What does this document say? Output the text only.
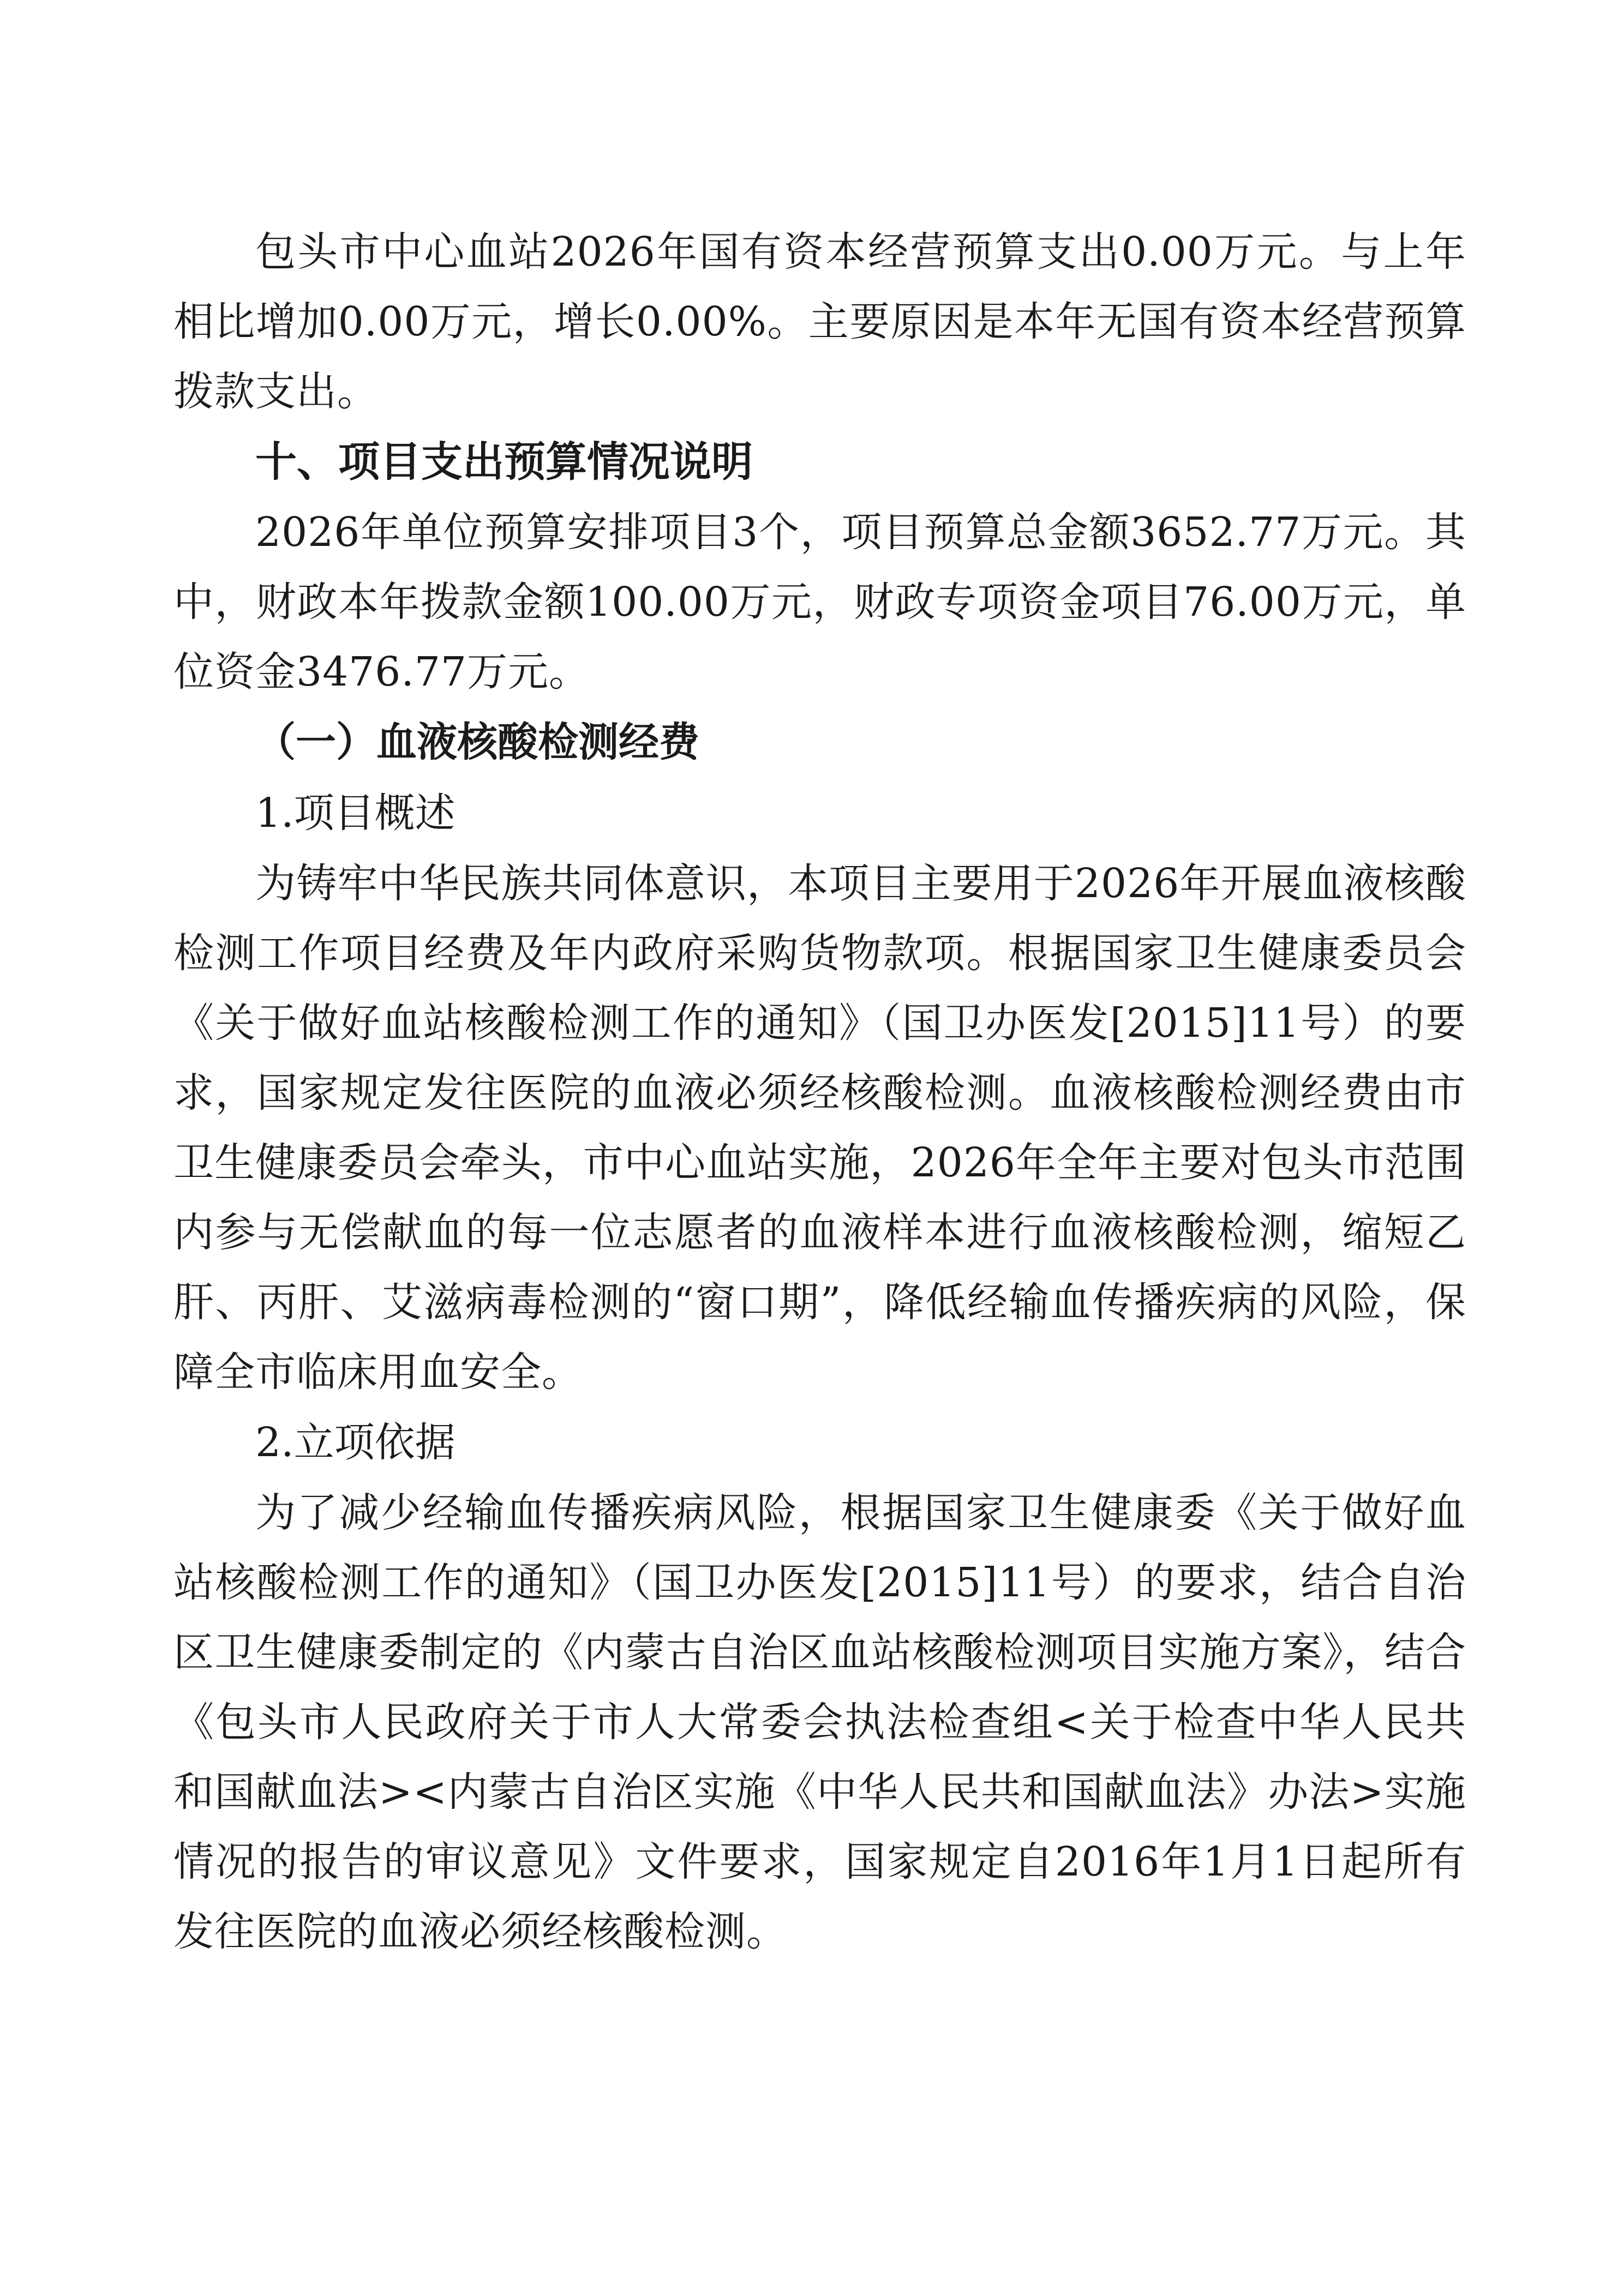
包头市中心血站2026年国有资本经营预算支出0.00万元。与上年相比增加0.00万元，增长0.00%。主要原因是本年无国有资本经营预算拨款支出。

十、项目支出预算情况说明

2026年单位预算安排项目3个，项目预算总金额3652.77万元。其中，财政本年拨款金额100.00万元，财政专项资金项目76.00万元，单位资金3476.77万元。

（一）血液核酸检测经费

1.项目概述

为铸牢中华民族共同体意识，本项目主要用于2026年开展血液核酸检测工作项目经费及年内政府采购货物款项。根据国家卫生健康委员会《关于做好血站核酸检测工作的通知》（国卫办医发[2015]11号）的要求，国家规定发往医院的血液必须经核酸检测。血液核酸检测经费由市卫生健康委员会牵头，市中心血站实施，2026年全年主要对包头市范围内参与无偿献血的每一位志愿者的血液样本进行血液核酸检测，缩短乙肝、丙肝、艾滋病毒检测的“窗口期”，降低经输血传播疾病的风险，保障全市临床用血安全。

2.立项依据

为了减少经输血传播疾病风险，根据国家卫生健康委《关于做好血站核酸检测工作的通知》（国卫办医发[2015]11号）的要求，结合自治区卫生健康委制定的《内蒙古自治区血站核酸检测项目实施方案》，结合《包头市人民政府关于市人大常委会执法检查组<关于检查中华人民共和国献血法><内蒙古自治区实施《中华人民共和国献血法》办法>实施情况的报告的审议意见》文件要求，国家规定自2016年1月1日起所有发往医院的血液必须经核酸检测。
